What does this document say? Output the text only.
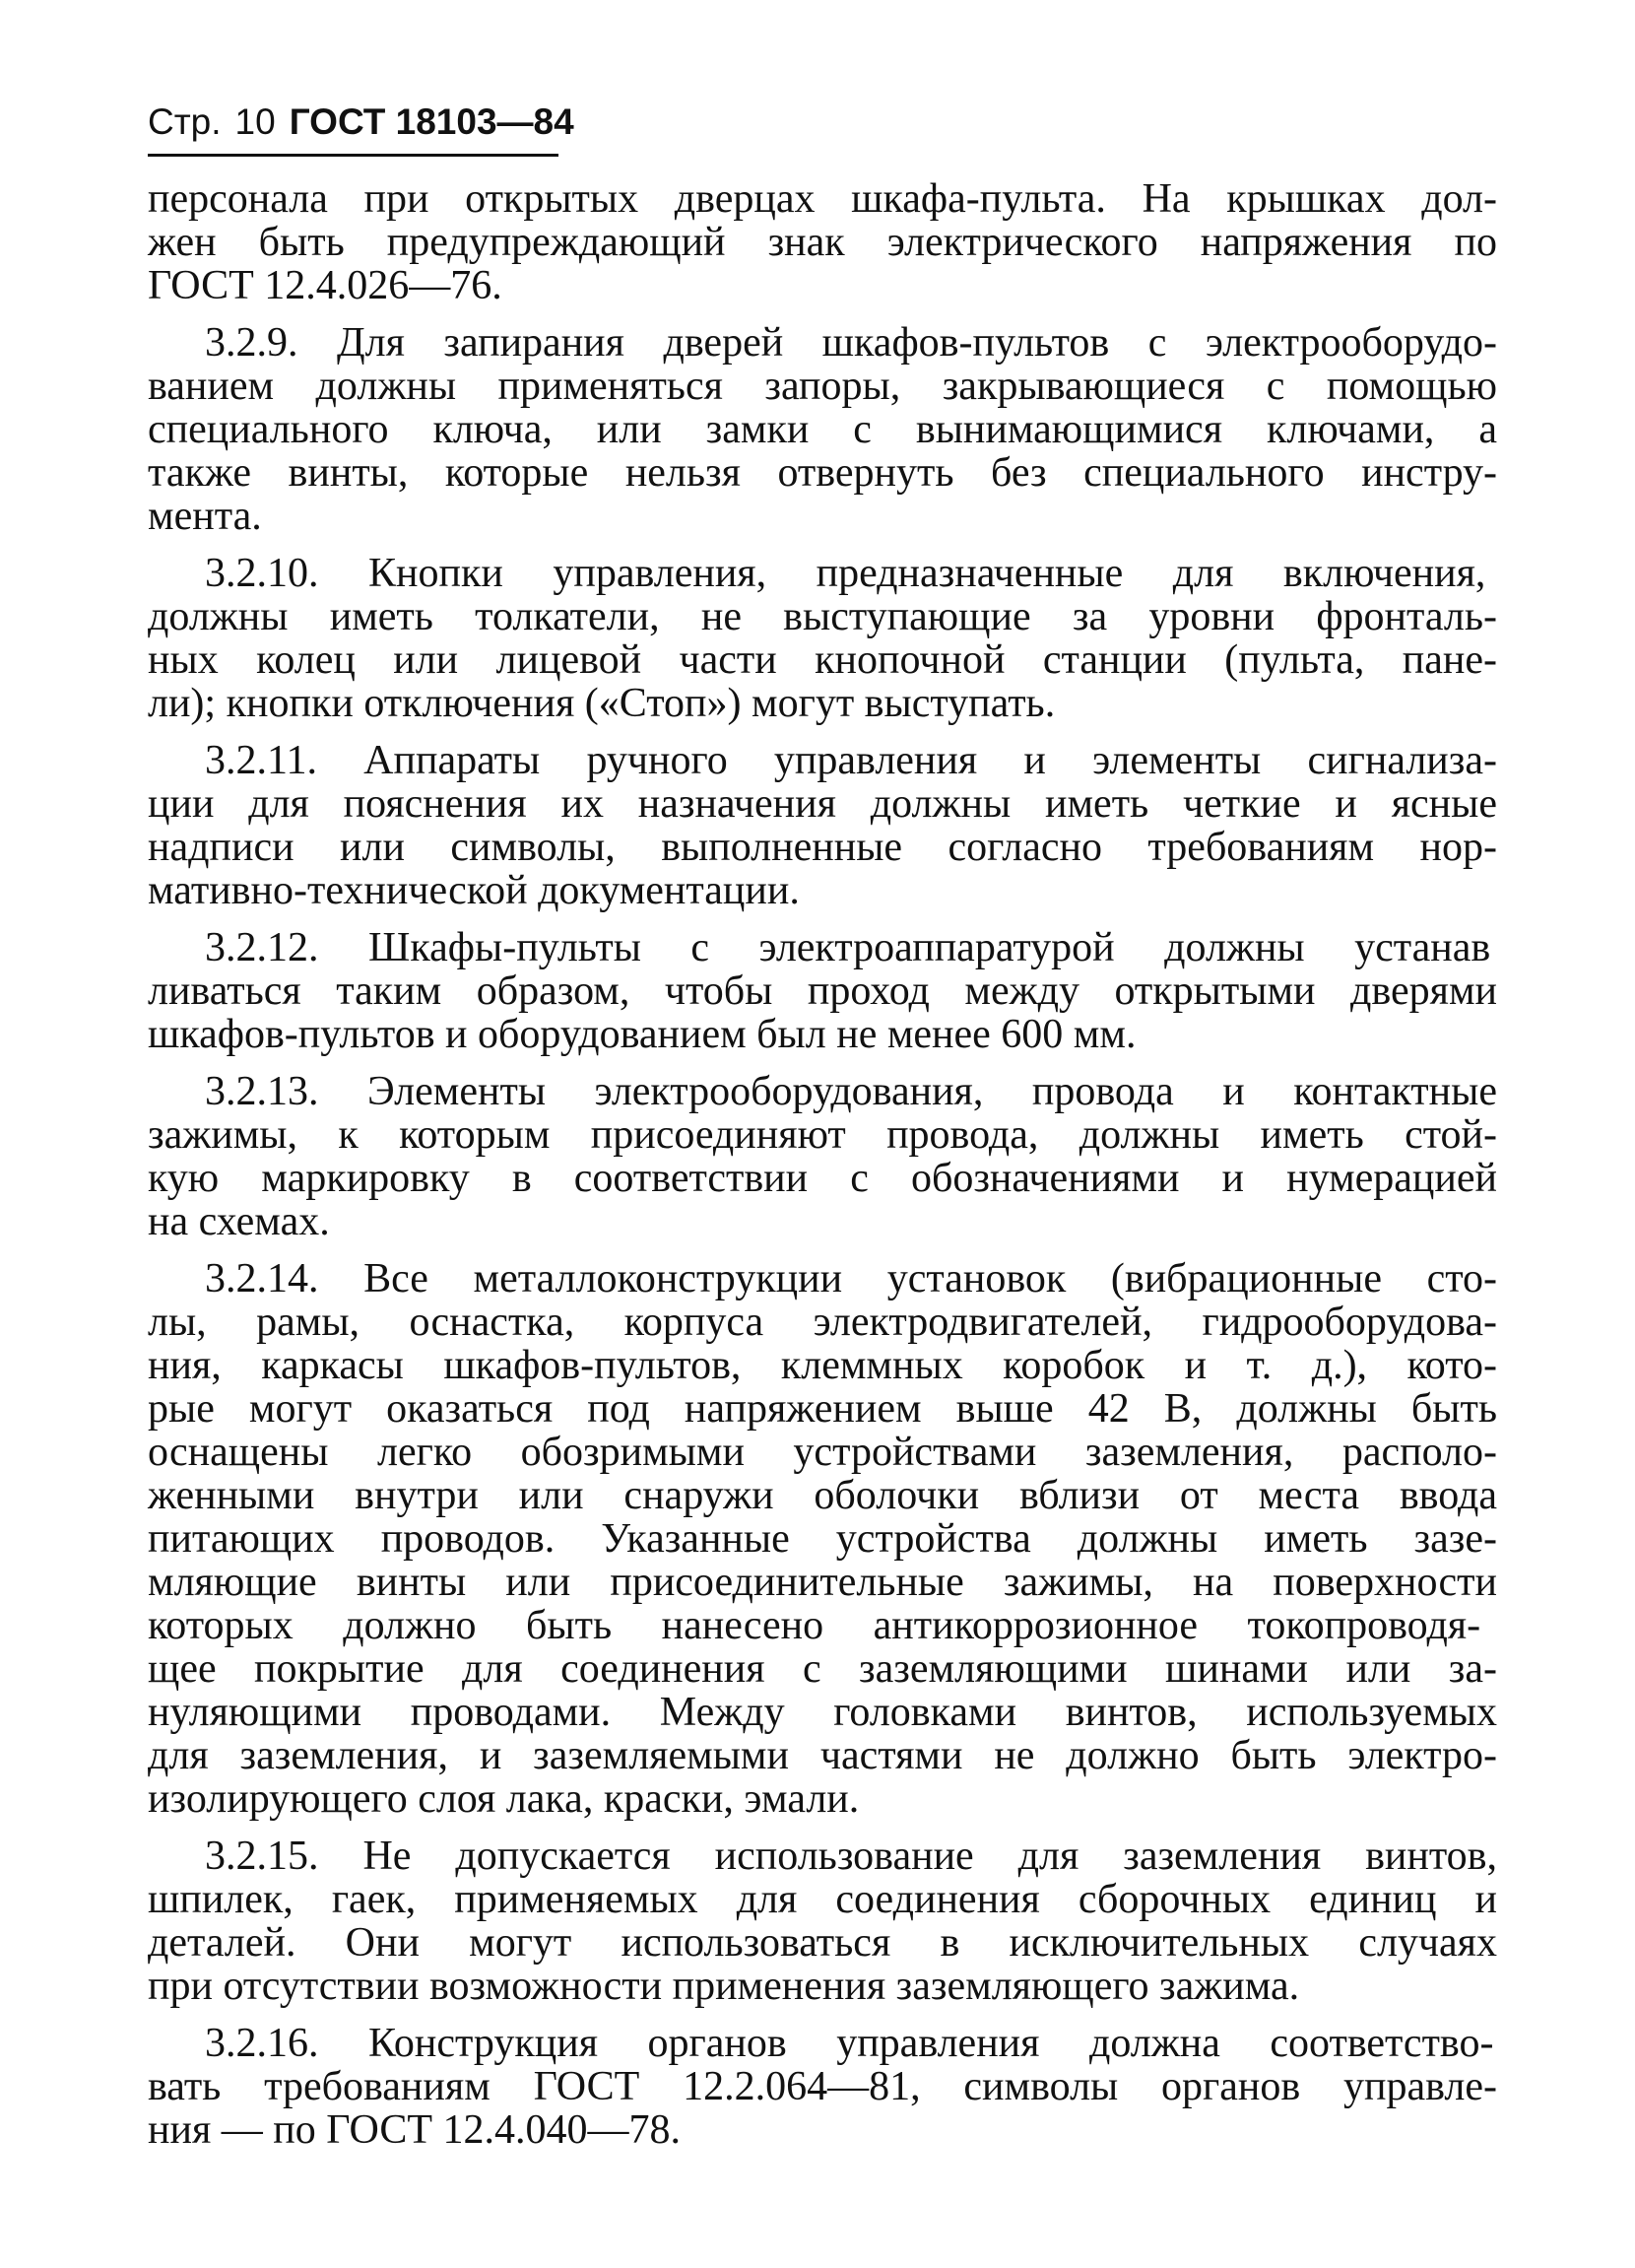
Стр. 10 ГОСТ 18103—84
персонала при открытых дверцах шкафа-пульта. На крышках дол-
жен быть предупреждающий знак электрического напряжения по
ГОСТ 12.4.026—76.
3.2.9. Для запирания дверей шкафов-пультов с электрооборудо-
ванием должны применяться запоры, закрывающиеся с помощью
специального ключа, или замки с вынимающимися ключами, а
также винты, которые нельзя отвернуть без специального инстру-
мента.
3.2.10. Кнопки управления, предназначенные для включения,
должны иметь толкатели, не выступающие за уровни фронталь-
ных колец или лицевой части кнопочной станции (пульта, пане-
ли); кнопки отключения («Стоп») могут выступать.
3.2.11. Аппараты ручного управления и элементы сигнализа-
ции для пояснения их назначения должны иметь четкие и ясные
надписи или символы, выполненные согласно требованиям нор-
мативно-технической документации.
3.2.12. Шкафы-пульты с электроаппаратурой должны устанав
ливаться таким образом, чтобы проход между открытыми дверями
шкафов-пультов и оборудованием был не менее 600 мм.
3.2.13. Элементы электрооборудования, провода и контактные
зажимы, к которым присоединяют провода, должны иметь стой-
кую маркировку в соответствии с обозначениями и нумерацией
на схемах.
3.2.14. Все металлоконструкции установок (вибрационные сто-
лы, рамы, оснастка, корпуса электродвигателей, гидрооборудова-
ния, каркасы шкафов-пультов, клеммных коробок и т. д.), кото-
рые могут оказаться под напряжением выше 42 В, должны быть
оснащены легко обозримыми устройствами заземления, располо-
женными внутри или снаружи оболочки вблизи от места ввода
питающих проводов. Указанные устройства должны иметь зазе-
мляющие винты или присоединительные зажимы, на поверхности
которых должно быть нанесено антикоррозионное токопроводя-
щее покрытие для соединения с заземляющими шинами или за-
нуляющими проводами. Между головками винтов, используемых
для заземления, и заземляемыми частями не должно быть электро-
изолирующего слоя лака, краски, эмали.
3.2.15. Не допускается использование для заземления винтов,
шпилек, гаек, применяемых для соединения сборочных единиц и
деталей. Они могут использоваться в исключительных случаях
при отсутствии возможности применения заземляющего зажима.
3.2.16. Конструкция органов управления должна соответство-
вать требованиям ГОСТ 12.2.064—81, символы органов управле-
ния — по ГОСТ 12.4.040—78.
